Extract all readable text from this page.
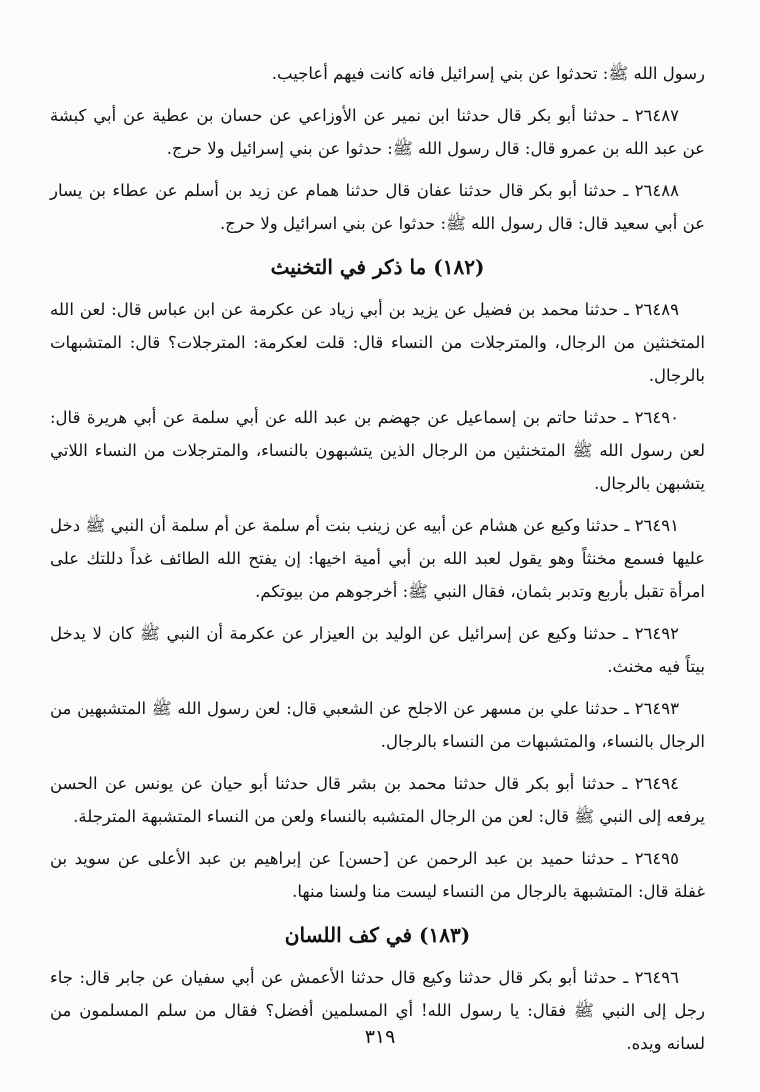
رسول الله ﷺ: تحدثوا عن بني إسرائيل فانه كانت فيهم أعاجيب.

٢٦٤٨٧ ـ حدثنا أبو بكر قال حدثنا ابن نمير عن الأوزاعي عن حسان بن عطية عن أبي كبشة عن عبد الله بن عمرو قال: قال رسول الله ﷺ: حدثوا عن بني إسرائيل ولا حرج.

٢٦٤٨٨ ـ حدثنا أبو بكر قال حدثنا عفان قال حدثنا همام عن زيد بن أسلم عن عطاء بن يسار عن أبي سعيد قال: قال رسول الله ﷺ: حدثوا عن بني اسرائيل ولا حرج.

(١٨٢) ما ذكر في التخنيث

٢٦٤٨٩ ـ حدثنا محمد بن فضيل عن يزيد بن أبي زياد عن عكرمة عن ابن عباس قال: لعن الله المتخنثين من الرجال، والمترجلات من النساء قال: قلت لعكرمة: المترجلات؟ قال: المتشبهات بالرجال.

٢٦٤٩٠ ـ حدثنا حاتم بن إسماعيل عن جهضم بن عبد الله عن أبي سلمة عن أبي هريرة قال: لعن رسول الله ﷺ المتخنثين من الرجال الذين يتشبهون بالنساء، والمترجلات من النساء اللاتي يتشبهن بالرجال.

٢٦٤٩١ ـ حدثنا وكيع عن هشام عن أبيه عن زينب بنت أم سلمة عن أم سلمة أن النبي ﷺ دخل عليها فسمع مخنثاً وهو يقول لعبد الله بن أبي أمية اخيها: إن يفتح الله الطائف غداً دللتك على امرأة تقبل بأربع وتدبر بثمان، فقال النبي ﷺ: أخرجوهم من بيوتكم.

٢٦٤٩٢ ـ حدثنا وكيع عن إسرائيل عن الوليد بن العيزار عن عكرمة أن النبي ﷺ كان لا يدخل بيتاً فيه مخنث.

٢٦٤٩٣ ـ حدثنا علي بن مسهر عن الاجلح عن الشعبي قال: لعن رسول الله ﷺ المتشبهين من الرجال بالنساء، والمتشبهات من النساء بالرجال.

٢٦٤٩٤ ـ حدثنا أبو بكر قال حدثنا محمد بن بشر قال حدثنا أبو حيان عن يونس عن الحسن يرفعه إلى النبي ﷺ قال: لعن من الرجال المتشبه بالنساء ولعن من النساء المتشبهة المترجلة.

٢٦٤٩٥ ـ حدثنا حميد بن عبد الرحمن عن [حسن] عن إبراهيم بن عبد الأعلى عن سويد بن غفلة قال: المتشبهة بالرجال من النساء ليست منا ولسنا منها.

(١٨٣) في كف اللسان

٢٦٤٩٦ ـ حدثنا أبو بكر قال حدثنا وكيع قال حدثنا الأعمش عن أبي سفيان عن جابر قال: جاء رجل إلى النبي ﷺ فقال: يا رسول الله! أي المسلمين أفضل؟ فقال من سلم المسلمون من لسانه ويده.

٣١٩
